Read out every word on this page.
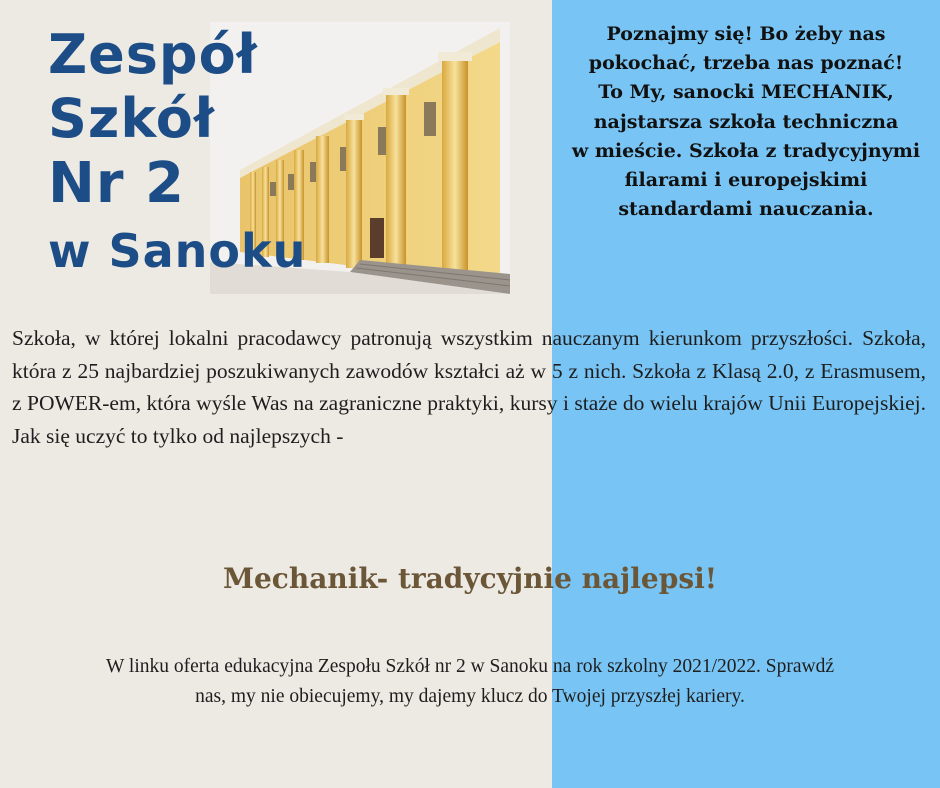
Zespół
Szkół
Nr 2
w Sanoku
Poznajmy się! Bo żeby nas
pokochać, trzeba nas poznać!
To My, sanocki MECHANIK,
najstarsza szkoła techniczna
w mieście. Szkoła z tradycyjnymi
filarami i europejskimi
standardami nauczania.
Szkoła, w której lokalni pracodawcy patronują wszystkim nauczanym kierunkom przyszłości. Szkoła, która z 25 najbardziej poszukiwanych zawodów kształci aż w 5 z nich. Szkoła z Klasą 2.0, z Erasmusem, z POWER-em, która wyśle Was na zagraniczne praktyki, kursy i staże do wielu krajów Unii Europejskiej. Jak się uczyć to tylko od najlepszych -
Mechanik- tradycyjnie najlepsi!
W linku oferta edukacyjna Zespołu Szkół nr 2 w Sanoku na rok szkolny 2021/2022. Sprawdź
nas, my nie obiecujemy, my dajemy klucz do Twojej przyszłej kariery.
